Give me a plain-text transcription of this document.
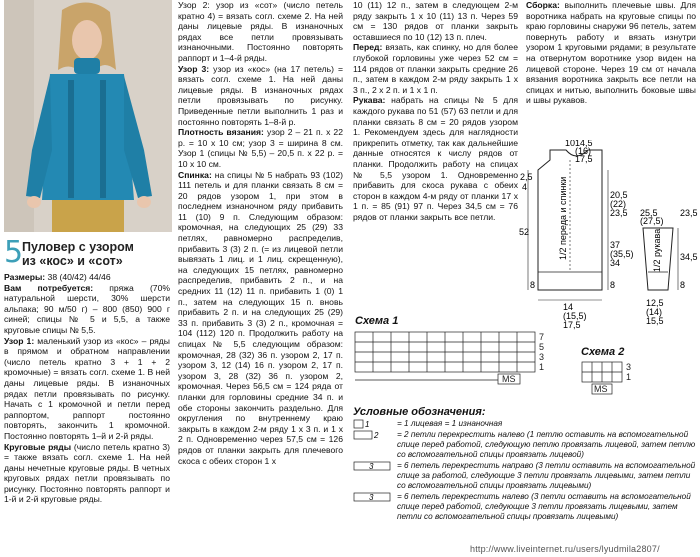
5
Пуловер с узором
из «кос» и «сот»

Размеры: 38 (40/42) 44/46

Вам потребуется: пряжа (70% натуральной шерсти, 30% шерсти альпака; 90 м/50 г) – 800 (850) 900 г синей; спицы № 5 и 5,5, а также круговые спицы № 5,5.

Узор 1: маленький узор из «кос» – ряды в прямом и обратном направлении (число петель кратно 3 + 1 + 2 кромочные) = вязать согл. схеме 1. В ней даны лицевые ряды. В изнаночных рядах петли провязывать по рисунку. Начать с 1 кромочной и петли перед раппортом, раппорт постоянно повторять, закончить 1 кромочной. Постоянно повторять 1–й и 2-й ряды.

Круговые ряды (число петель кратно 3) = также вязать согл. схеме 1. На ней даны нечетные круговые ряды. В четных круговых рядах петли провязывать по рисунку. Постоянно повторять раппорт и 1-й и 2-й круговые ряды.

Узор 2: узор из «сот» (число петель кратно 4) = вязать согл. схеме 2. На ней даны лицевые ряды. В изнаночных рядах все петли провязывать изнаночными. Постоянно повторять раппорт и 1–4-й ряды.

Узор 3: узор из «кос» (на 17 петель) = вязать согл. схеме 1. На ней даны лицевые ряды. В изнаночных рядах петли провязывать по рисунку. Приведенные петли выполнить 1 раз и постоянно повторять 1–8-й р.

Плотность вязания: узор 2 – 21 п. x 22 р. = 10 x 10 см; узор 3 = ширина 8 см. Узор 1 (спицы № 5,5) – 20,5 п. x 22 р. = 10 x 10 см.

Спинка: на спицы № 5 набрать 93 (102) 111 петель и для планки связать 8 см = 20 рядов узором 1, при этом в последнем изнаночном ряду прибавить 11 (10) 9 п. Следующим образом: кромочная, на следующих 25 (29) 33 петлях, равномерно распределив, прибавить 3 (3) 2 п. (= из лицевой петли вывязать 1 лиц. и 1 лиц. скрещенную), на следующих 15 петлях, равномерно распределив, прибавить 2 п., и на средних 11 (12) 11 п. прибавить 1 (0) 1 п., затем на следующих 15 п. вновь прибавить 2 п. и на следующих 25 (29) 33 п. прибавить 3 (3) 2 п., кромочная = 104 (112) 120 п. Продолжить работу на спицах № 5,5 следующим образом: кромочная, 28 (32) 36 п. узором 2, 17 п. узором 3, 12 (14) 16 п. узором 2, 17 п. узором 3, 28 (32) 36 п. узором 2, кромочная. Через 56,5 см = 124 ряда от планки для горловины средние 34 п. и обе стороны закончить раздельно. Для округления по внутреннему краю закрыть в каждом 2-м ряду 1 x 3 п. и 1 x 2 п. Одновременно через 57,5 см = 126 рядов от планки закрыть для плечевого скоса с обеих сторон 1 x

10 (11) 12 п., затем в следующем 2-м ряду закрыть 1 x 10 (11) 13 п. Через 59 см = 130 рядов от планки закрыть оставшиеся по 10 (12) 13 п. плеч.

Перед: вязать, как спинку, но для более глубокой горловины уже через 52 см = 114 рядов от планки закрыть средние 26 п., затем в каждом 2-м ряду закрыть 1 x 3 п., 2 x 2 п. и 1 x 1 п.

Рукава: набрать на спицы № 5 для каждого рукава по 51 (57) 63 петли и для планки связать 8 см = 20 рядов узором 1. Рекомендуем здесь для наглядности прикрепить отметку, так как дальнейшие данные относятся к числу рядов от планки. Продолжить работу на спицах № 5,5 узором 1. Одновременно прибавить для скоса рукава с обеих сторон в каждом 4-м ряду от планки 17 x 1 п. = 85 (91) 97 п. Через 34,5 см = 76 рядов от планки закрыть все петли.

Сборка: выполнить плечевые швы. Для воротника набрать на круговые спицы по краю горловины снаружи 96 петель, затем повернуть работу и вязать изнутри узором 1 круговыми рядами; в результате на отвернутом воротнике узор виден на лицевой стороне. Через 19 см от начала вязания воротника закрыть все петли на спицах и нитью, выполнить боковые швы и швы рукавов.

52
8
10
2,5
4
14,5
(16)
17,5
20,5
(22)
23,5
37
(35,5)
34
8
14
(15,5)
17,5
25,5
(27,5)
23,5
34,5
8
12,5
(14)
15,5
1/2 переда и спинки	1/2 рукава
Схема 1
7
5
3
1
MS
Схема 2
3
1
MS
Условные обозначения:
1	= 1 лицевая = 1 изнаночная
2 = 2 петли перекрестить налево (1 петлю оставить на вспомогательной спице перед работой, следующую петлю провязать лицевой, затем петлю со вспомогательной спицы провязать лицевой)
3	= 6 петель перекрестить направо (3 петли оставить на вспомогательной спице за работой, следующие 3 петли провязать лицевыми, затем петли со вспомогательной спицы провязать лицевыми)
3	= 6 петель перекрестить налево (3 петли оставить на вспомогательной спице перед работой, следующие 3 петли провязать лицевыми, затем петли со вспомогательной спицы провязать лицевыми)
http://www.liveinternet.ru/users/lyudmila2807/
